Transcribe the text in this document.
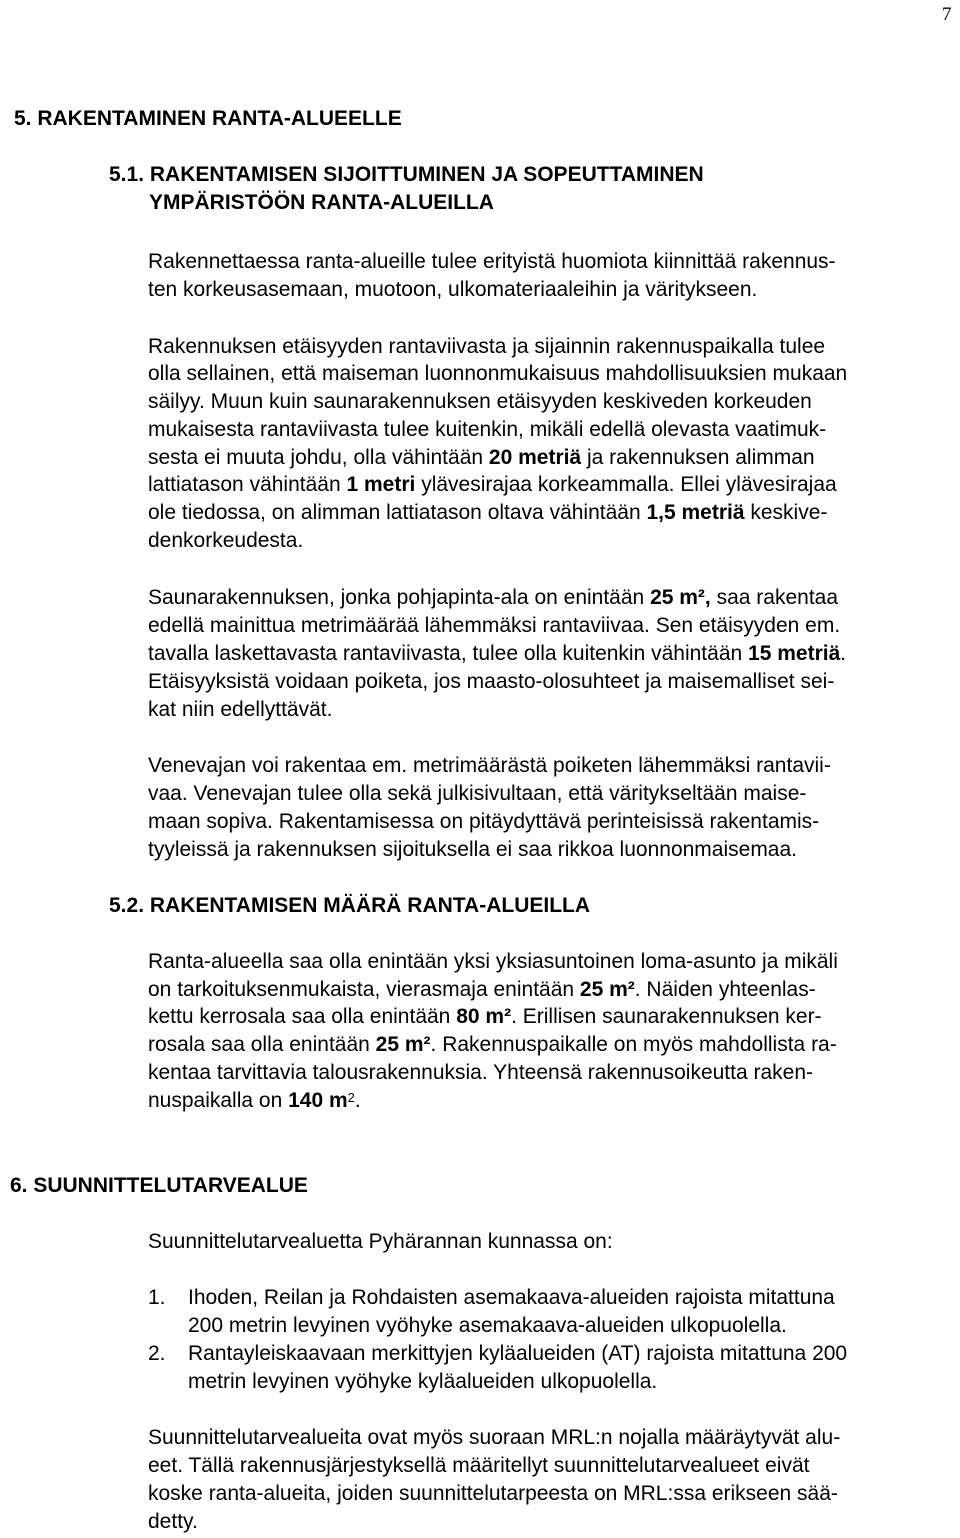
7
5. RAKENTAMINEN RANTA-ALUEELLE
5.1. RAKENTAMISEN SIJOITTUMINEN JA SOPEUTTAMINEN
YMPÄRISTÖÖN RANTA-ALUEILLA

Rakennettaessa ranta-alueille tulee erityistä huomiota kiinnittää rakennus-

ten korkeusasemaan, muotoon, ulkomateriaaleihin ja väritykseen.

Rakennuksen etäisyyden rantaviivasta ja sijainnin rakennuspaikalla tulee

olla sellainen, että maiseman luonnonmukaisuus mahdollisuuksien mukaan

säilyy. Muun kuin saunarakennuksen etäisyyden keskiveden korkeuden

mukaisesta rantaviivasta tulee kuitenkin, mikäli edellä olevasta vaatimuk-

sesta ei muuta johdu, olla vähintään 20 metriä ja rakennuksen alimman

lattiatason vähintään 1 metri ylävesirajaa korkeammalla. Ellei ylävesirajaa

ole tiedossa, on alimman lattiatason oltava vähintään 1,5 metriä keskive-

denkorkeudesta.

Saunarakennuksen, jonka pohjapinta-ala on enintään 25 m², saa rakentaa

edellä mainittua metrimäärää lähemmäksi rantaviivaa. Sen etäisyyden em.

tavalla laskettavasta rantaviivasta, tulee olla kuitenkin vähintään 15 metriä.

Etäisyyksistä voidaan poiketa, jos maasto-olosuhteet ja maisemalliset sei-

kat niin edellyttävät.

Venevajan voi rakentaa em. metrimäärästä poiketen lähemmäksi rantavii-

vaa. Venevajan tulee olla sekä julkisivultaan, että väritykseltään maise-

maan sopiva. Rakentamisessa on pitäydyttävä perinteisissä rakentamis-

tyyleissä ja rakennuksen sijoituksella ei saa rikkoa luonnonmaisemaa.

5.2. RAKENTAMISEN MÄÄRÄ RANTA-ALUEILLA

Ranta-alueella saa olla enintään yksi yksiasuntoinen loma-asunto ja mikäli

on tarkoituksenmukaista, vierasmaja enintään 25 m². Näiden yhteenlas-

kettu kerrosala saa olla enintään 80 m². Erillisen saunarakennuksen ker-

rosala saa olla enintään 25 m². Rakennuspaikalle on myös mahdollista ra-

kentaa tarvittavia talousrakennuksia. Yhteensä rakennusoikeutta raken-

nuspaikalla on 140 $m^2$.

6. SUUNNITTELUTARVEALUE

Suunnittelutarvealuetta Pyhärannan kunnassa on:

1. Ihoden, Reilan ja Rohdaisten asemakaava-alueiden rajoista mitattuna

200 metrin levyinen vyöhyke asemakaava-alueiden ulkopuolella.

2. Rantayleiskaavaan merkittyjen kyläalueiden (AT) rajoista mitattuna 200

metrin levyinen vyöhyke kyläalueiden ulkopuolella.

Suunnittelutarvealueita ovat myös suoraan MRL:n nojalla määräytyvät alu-

eet. Tällä rakennusjärjestyksellä määritellyt suunnittelutarvealueet eivät

koske ranta-alueita, joiden suunnittelutarpeesta on MRL:ssa erikseen sää-

detty.
